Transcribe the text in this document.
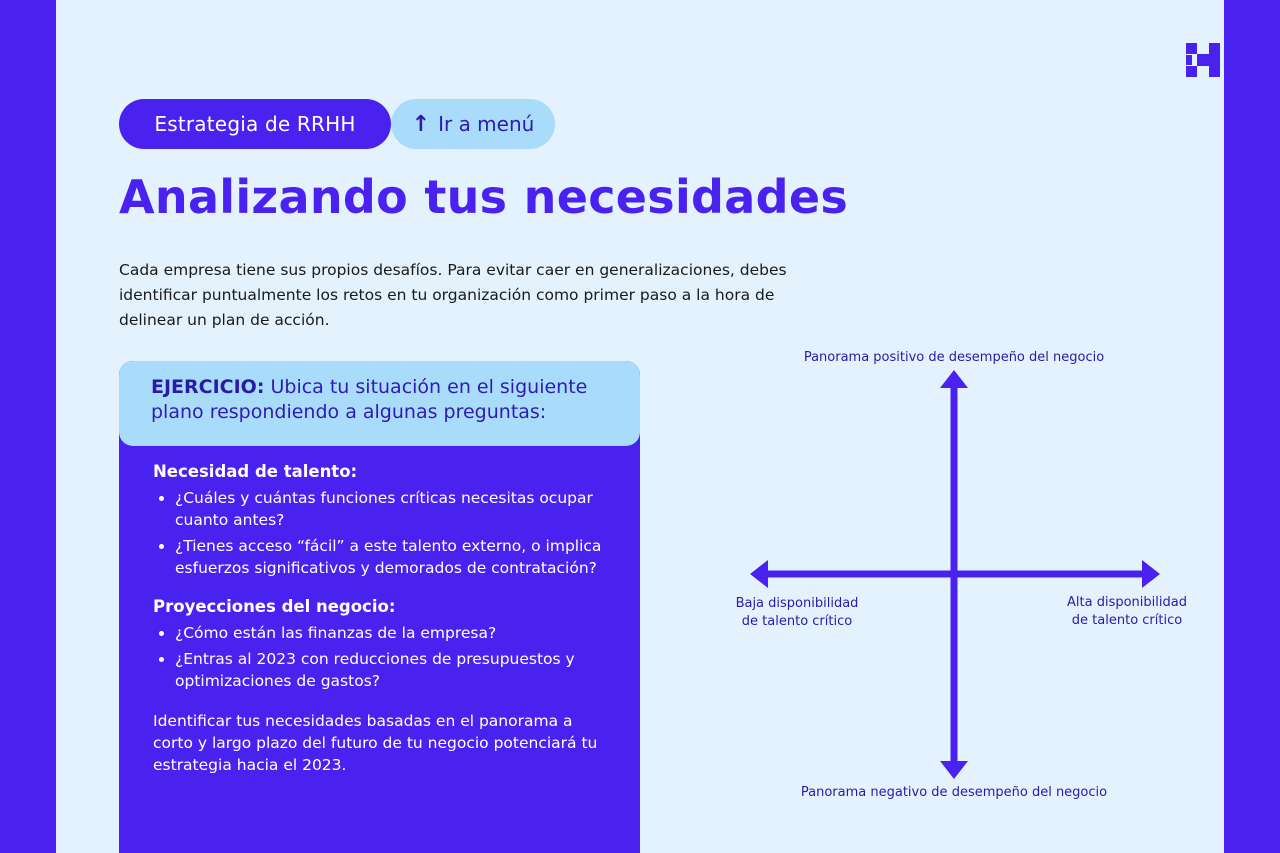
Estrategia de RRHH	↑ Ir a menú
Analizando tus necesidades

Cada empresa tiene sus propios desafíos. Para evitar caer en generalizaciones, debes identificar puntualmente los retos en tu organización como primer paso a la hora de delinear un plan de acción.

EJERCICIO: Ubica tu situación en el siguiente plano respondiendo a algunas preguntas:
Necesidad de talento:
• ¿Cuáles y cuántas funciones críticas necesitas ocupar cuanto antes?
• ¿Tienes acceso “fácil” a este talento externo, o implica esfuerzos significativos y demorados de contratación?
Proyecciones del negocio:
• ¿Cómo están las finanzas de la empresa?
• ¿Entras al 2023 con reducciones de presupuestos y optimizaciones de gastos?
Identificar tus necesidades basadas en el panorama a corto y largo plazo del futuro de tu negocio potenciará tu estrategia hacia el 2023.
Panorama positivo de desempeño del negocio
Panorama negativo de desempeño del negocio
Baja disponibilidad
de talento crítico
Alta disponibilidad
de talento crítico
